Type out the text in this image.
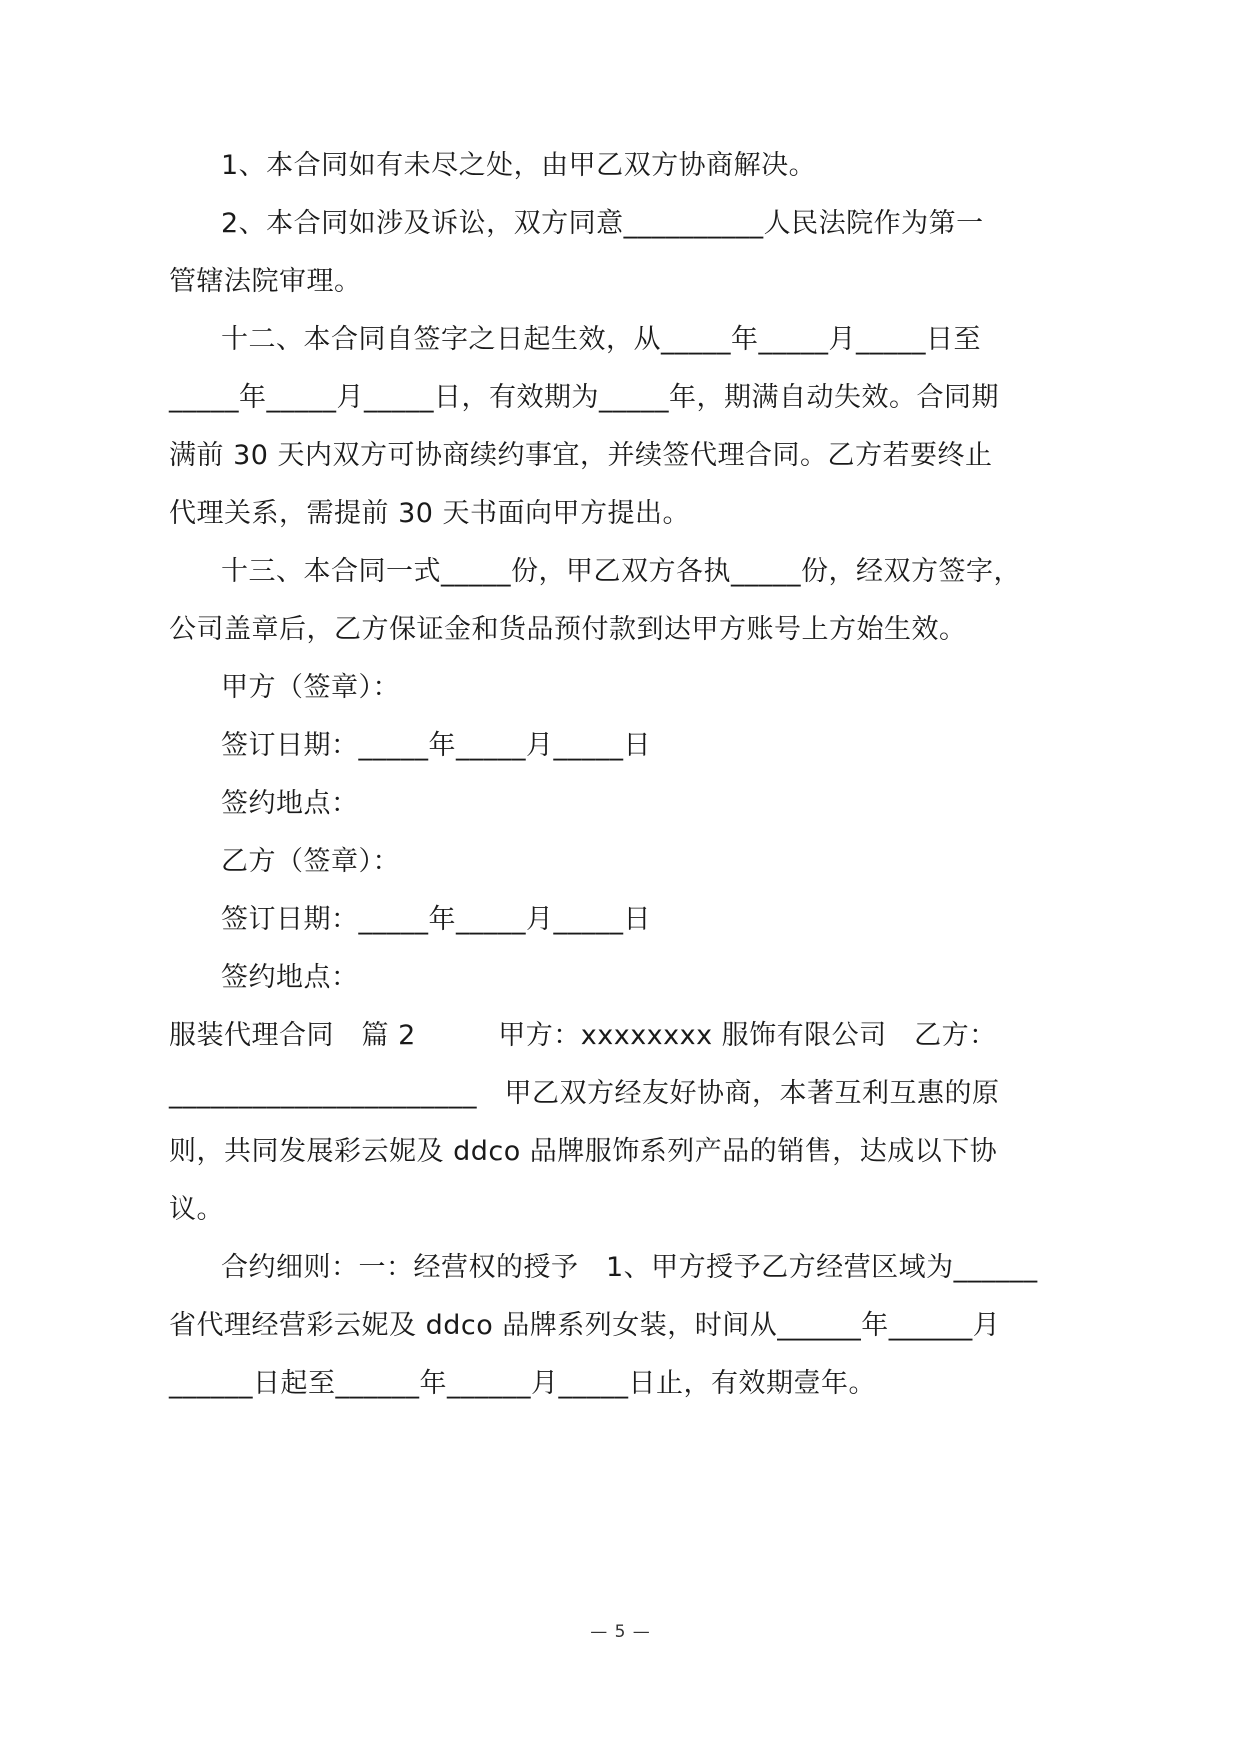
1、本合同如有未尽之处，由甲乙双方协商解决。
2、本合同如涉及诉讼，双方同意__________人民法院作为第一
管辖法院审理。
十二、本合同自签字之日起生效，从_____年_____月_____日至
_____年_____月_____日，有效期为_____年，期满自动失效。合同期
满前 30 天内双方可协商续约事宜，并续签代理合同。乙方若要终止
代理关系，需提前 30 天书面向甲方提出。
十三、本合同一式_____份，甲乙双方各执_____份，经双方签字，
公司盖章后，乙方保证金和货品预付款到达甲方账号上方始生效。
甲方（签章）：
签订日期：_____年_____月_____日
签约地点：
乙方（签章）：
签订日期：_____年_____月_____日
签约地点：
服装代理合同　篇 2　　　甲方：xxxxxxxx 服饰有限公司　乙方：
______________________　甲乙双方经友好协商，本著互利互惠的原
则，共同发展彩云妮及 ddco 品牌服饰系列产品的销售，达成以下协
议。
合约细则：一：经营权的授予　1、甲方授予乙方经营区域为______
省代理经营彩云妮及 ddco 品牌系列女装，时间从______年______月
______日起至______年______月_____日止，有效期壹年。
— 5 —
